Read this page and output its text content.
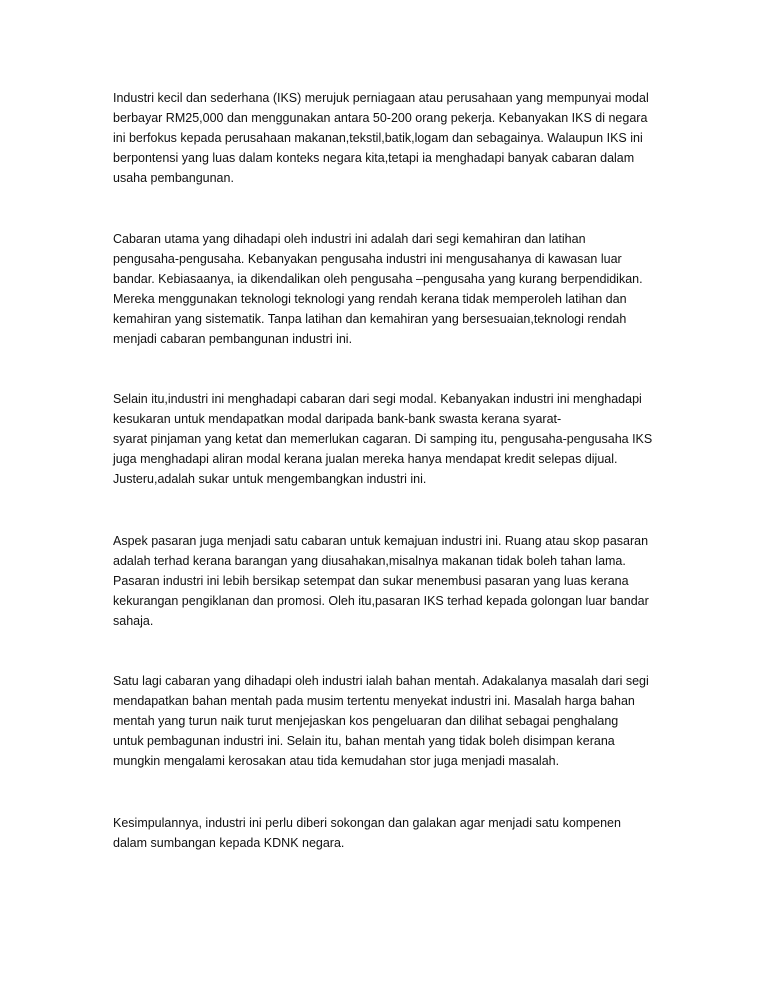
Industri kecil dan sederhana (IKS) merujuk perniagaan atau perusahaan yang mempunyai modal
berbayar RM25,000 dan menggunakan antara 50-200 orang pekerja. Kebanyakan IKS di negara
ini berfokus kepada perusahaan makanan,tekstil,batik,logam dan sebagainya. Walaupun IKS ini
berpontensi yang luas dalam konteks negara kita,tetapi ia menghadapi banyak cabaran dalam
usaha pembangunan.

Cabaran utama yang dihadapi oleh industri ini adalah dari segi kemahiran dan latihan
pengusaha-pengusaha. Kebanyakan pengusaha industri ini mengusahanya di kawasan luar
bandar. Kebiasaanya, ia dikendalikan oleh pengusaha –pengusaha yang kurang berpendidikan.
Mereka menggunakan teknologi teknologi yang rendah kerana tidak memperoleh latihan dan
kemahiran yang sistematik. Tanpa latihan dan kemahiran yang bersesuaian,teknologi rendah
menjadi cabaran pembangunan industri ini.

Selain itu,industri ini menghadapi cabaran dari segi modal. Kebanyakan industri ini menghadapi
kesukaran untuk mendapatkan modal daripada bank-bank swasta kerana syarat-
syarat pinjaman yang ketat dan memerlukan cagaran. Di samping itu, pengusaha-pengusaha IKS
juga menghadapi aliran modal kerana jualan mereka hanya mendapat kredit selepas dijual.
Justeru,adalah sukar untuk mengembangkan industri ini.

Aspek pasaran juga menjadi satu cabaran untuk kemajuan industri ini. Ruang atau skop pasaran
adalah terhad kerana barangan yang diusahakan,misalnya makanan tidak boleh tahan lama.
Pasaran industri ini lebih bersikap setempat dan sukar menembusi pasaran yang luas kerana
kekurangan pengiklanan dan promosi. Oleh itu,pasaran IKS terhad kepada golongan luar bandar
sahaja.

Satu lagi cabaran yang dihadapi oleh industri ialah bahan mentah. Adakalanya masalah dari segi
mendapatkan bahan mentah pada musim tertentu menyekat industri ini. Masalah harga bahan
mentah yang turun naik turut menjejaskan kos pengeluaran dan dilihat sebagai penghalang
untuk pembagunan industri ini. Selain itu, bahan mentah yang tidak boleh disimpan kerana
mungkin mengalami kerosakan atau tida kemudahan stor juga menjadi masalah.

Kesimpulannya, industri ini perlu diberi sokongan dan galakan agar menjadi satu kompenen
dalam sumbangan kepada KDNK negara.
